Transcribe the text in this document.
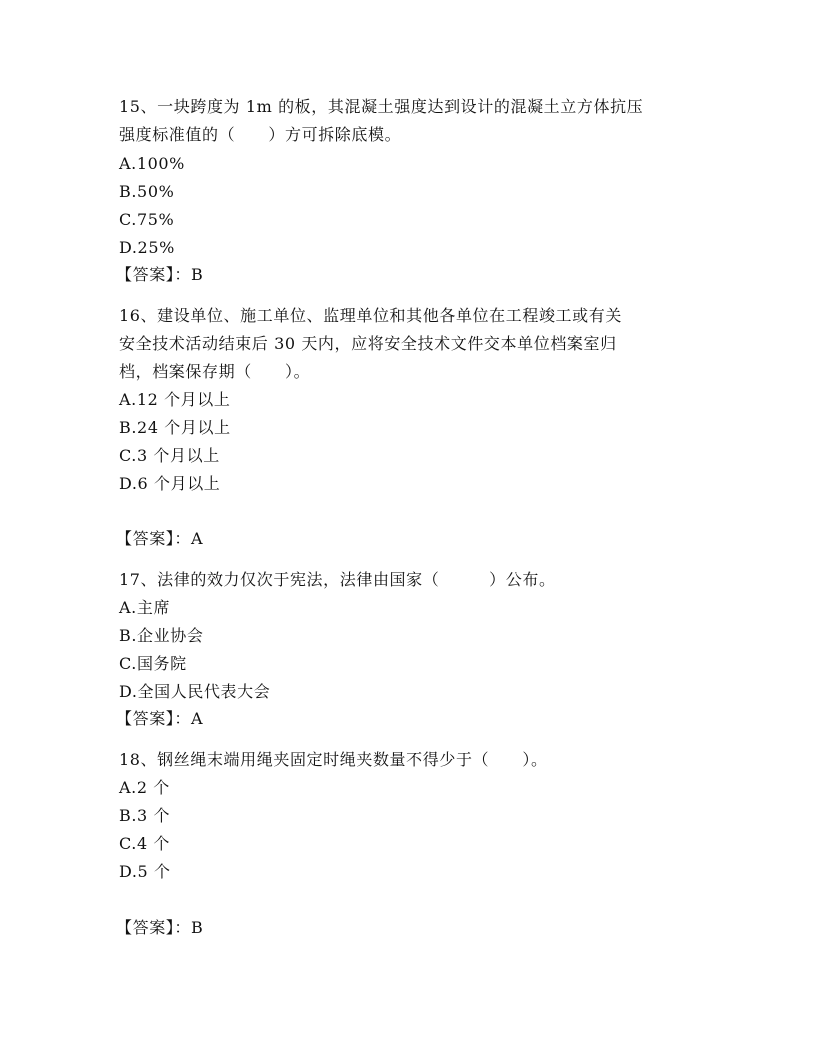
15、一块跨度为 1m 的板，其混凝土强度达到设计的混凝土立方体抗压
强度标准值的（　　）方可拆除底模。
A.100%
B.50%
C.75%
D.25%
【答案】：B
16、建设单位、施工单位、监理单位和其他各单位在工程竣工或有关
安全技术活动结束后 30 天内，应将安全技术文件交本单位档案室归
档，档案保存期（　　）。
A.12 个月以上
B.24 个月以上
C.3 个月以上
D.6 个月以上
【答案】：A
17、法律的效力仅次于宪法，法律由国家（　　　）公布。
A.主席
B.企业协会
C.国务院
D.全国人民代表大会
【答案】：A
18、钢丝绳末端用绳夹固定时绳夹数量不得少于（　　）。
A.2 个
B.3 个
C.4 个
D.5 个
【答案】：B
